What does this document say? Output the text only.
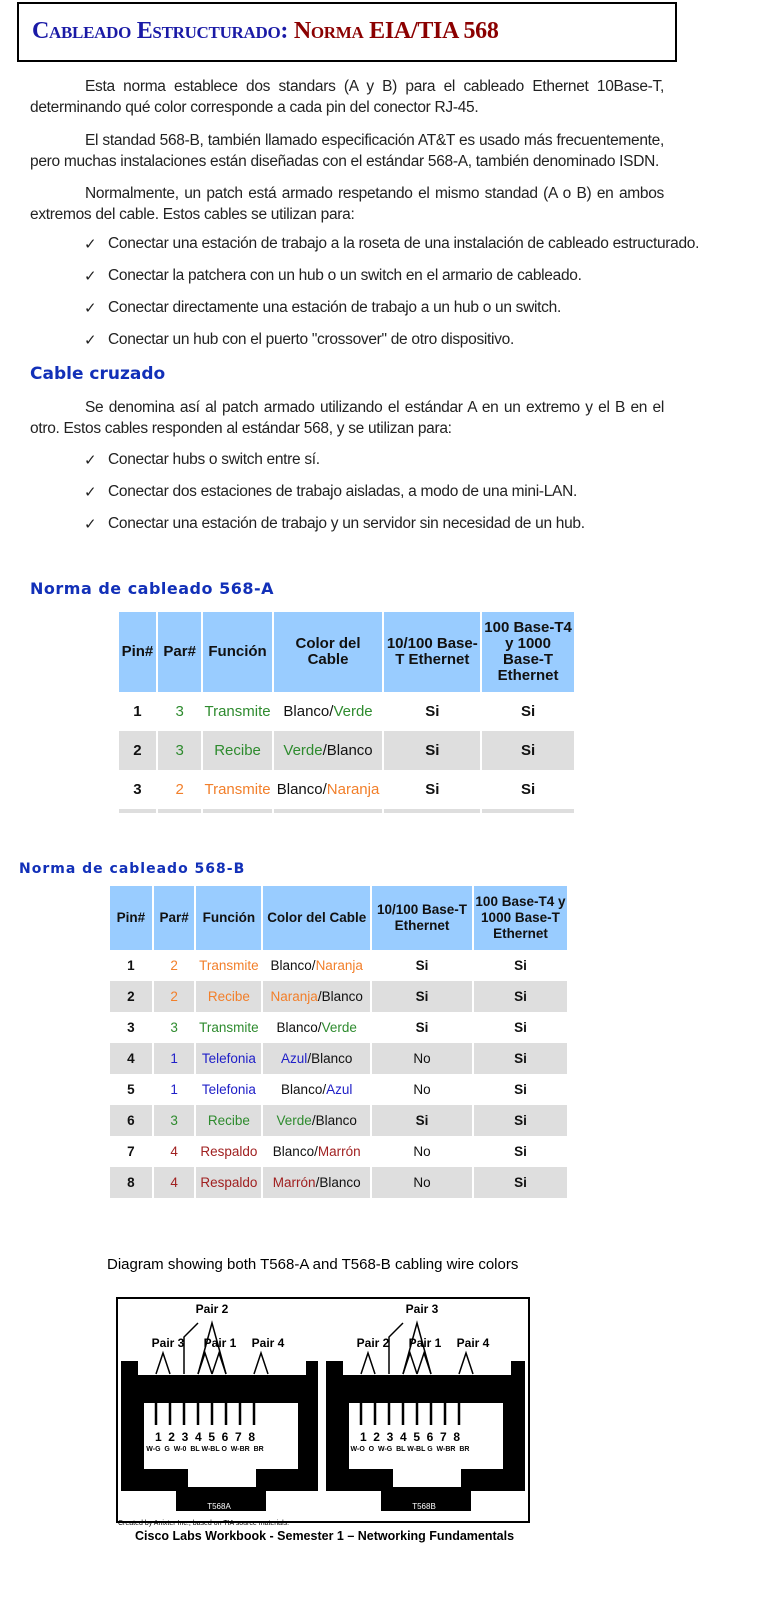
Cableado Estructurado: Norma EIA/TIA 568

Esta norma establece dos standars (A y B) para el cableado Ethernet 10Base-T, determinando qué color corresponde a cada pin del conector RJ-45.

El standad 568-B, también llamado especificación AT&T es usado más frecuentemente, pero muchas instalaciones están diseñadas con el estándar 568-A, también denominado ISDN.

Normalmente, un patch está armado respetando el mismo standad (A o B) en ambos extremos del cable. Estos cables se utilizan para:

✓ Conectar una estación de trabajo a la roseta de una instalación de cableado estructurado.
✓ Conectar la patchera con un hub o un switch en el armario de cableado.
✓ Conectar directamente una estación de trabajo a un hub o un switch.
✓ Conectar un hub con el puerto "crossover" de otro dispositivo.
Cable cruzado

Se denomina así al patch armado utilizando el estándar A en un extremo y el B en el otro. Estos cables responden al estándar 568, y se utilizan para:

✓ Conectar hubs o switch entre sí.
✓ Conectar dos estaciones de trabajo aisladas, a modo de una mini-LAN.
✓ Conectar una estación de trabajo y un servidor sin necesidad de un hub.
Norma de cableado 568-A
Pin#	Par#	Función	Color del Cable	10/100 Base-T Ethernet	100 Base-T4 y 1000 Base-T Ethernet
1	3	Transmite	Blanco/Verde	Si	Si
2	3	Recibe	Verde/Blanco	Si	Si
3	2	Transmite	Blanco/Naranja	Si	Si

Norma de cableado 568-B
Pin#	Par#	Función	Color del Cable	10/100 Base-T Ethernet	100 Base-T4 y 1000 Base-T Ethernet
1	2	Transmite	Blanco/Naranja	Si	Si
2	2	Recibe	Naranja/Blanco	Si	Si
3	3	Transmite	Blanco/Verde	Si	Si
4	1	Telefonia	Azul/Blanco	No	Si
5	1	Telefonia	Blanco/Azul	No	Si
6	3	Recibe	Verde/Blanco	Si	Si
7	4	Respaldo	Blanco/Marrón	No	Si
8	4	Respaldo	Marrón/Blanco	No	Si
Diagram showing both T568-A and T568-B cabling wire colors
Pair 2
Pair 3 Pair 1 Pair 4
1  2  3  4  5  6  7  8
W-G  G  W-0  BL W-BL O  W-BR  BR
T568A
Pair 3
Pair 2 Pair 1 Pair 4
1  2  3  4  5  6  7  8
W-O  O  W-G  BL W-BL G  W-BR  BR
T568B
Created by Anixter Inc., based on TIA source materials.
Cisco Labs Workbook - Semester 1 – Networking Fundamentals
